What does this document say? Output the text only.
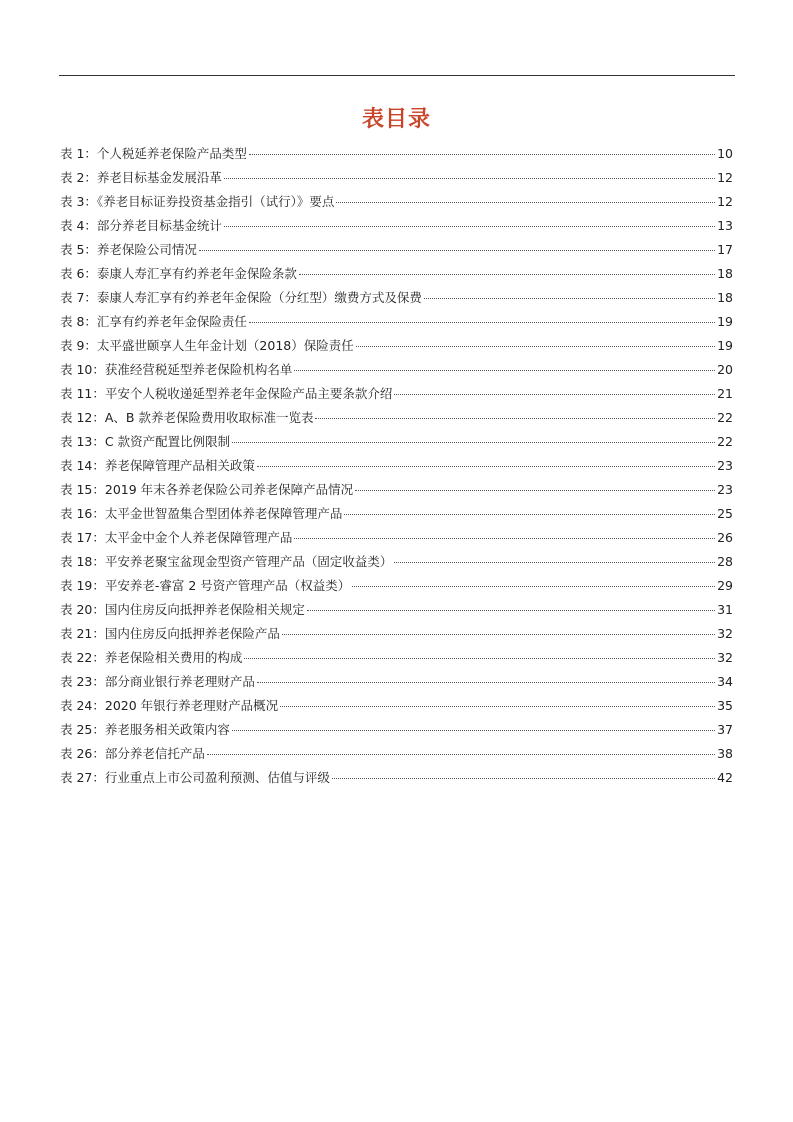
表目录
表 1：个人税延养老保险产品类型	10
表 2：养老目标基金发展沿革	12
表 3：《养老目标证券投资基金指引（试行）》要点	12
表 4：部分养老目标基金统计	13
表 5：养老保险公司情况	17
表 6：泰康人寿汇享有约养老年金保险条款	18
表 7：泰康人寿汇享有约养老年金保险（分红型）缴费方式及保费	18
表 8：汇享有约养老年金保险责任	19
表 9：太平盛世颐享人生年金计划（2018）保险责任	19
表 10：获准经营税延型养老保险机构名单	20
表 11：平安个人税收递延型养老年金保险产品主要条款介绍	21
表 12：A、B 款养老保险费用收取标准一览表	22
表 13：C 款资产配置比例限制	22
表 14：养老保障管理产品相关政策	23
表 15：2019 年末各养老保险公司养老保障产品情况	23
表 16：太平金世智盈集合型团体养老保障管理产品	25
表 17：太平金中金个人养老保障管理产品	26
表 18：平安养老聚宝盆现金型资产管理产品（固定收益类）	28
表 19：平安养老-睿富 2 号资产管理产品（权益类）	29
表 20：国内住房反向抵押养老保险相关规定	31
表 21：国内住房反向抵押养老保险产品	32
表 22：养老保险相关费用的构成	32
表 23：部分商业银行养老理财产品	34
表 24：2020 年银行养老理财产品概况	35
表 25：养老服务相关政策内容	37
表 26：部分养老信托产品	38
表 27：行业重点上市公司盈利预测、估值与评级	42
